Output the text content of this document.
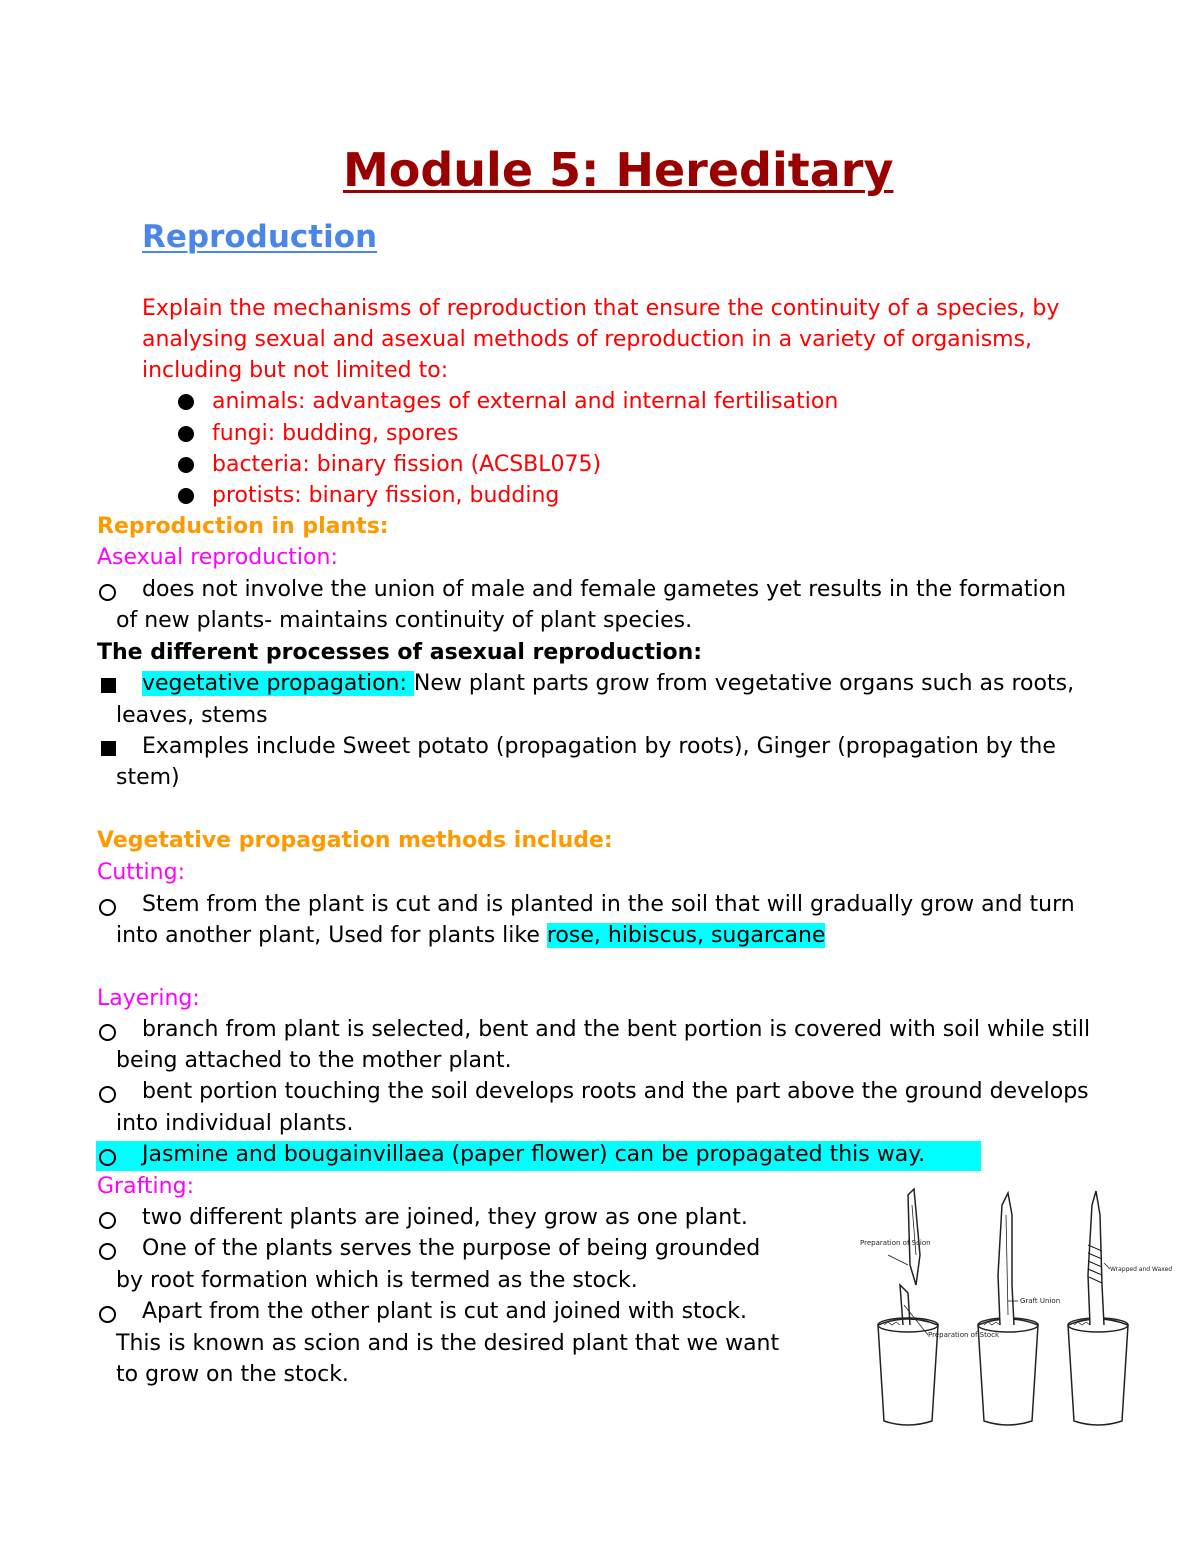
Module 5: Hereditary
Reproduction
Explain the mechanisms of reproduction that ensure the continuity of a species, by
analysing sexual and asexual methods of reproduction in a variety of organisms,
including but not limited to:
animals: advantages of external and internal fertilisation
fungi: budding, spores
bacteria: binary fission (ACSBL075)
protists: binary fission, budding
Reproduction in plants:
Asexual reproduction:
does not involve the union of male and female gametes yet results in the formation
of new plants- maintains continuity of plant species.
The different processes of asexual reproduction:
vegetative propagation: New plant parts grow from vegetative organs such as roots,
leaves, stems
Examples include Sweet potato (propagation by roots), Ginger (propagation by the
stem)
Vegetative propagation methods include:
Cutting:
Stem from the plant is cut and is planted in the soil that will gradually grow and turn
into another plant, Used for plants like rose, hibiscus, sugarcane
Layering:
branch from plant is selected, bent and the bent portion is covered with soil while still
being attached to the mother plant.
bent portion touching the soil develops roots and the part above the ground develops
into individual plants.
Jasmine and bougainvillaea (paper flower) can be propagated this way.
Grafting:
two different plants are joined, they grow as one plant.
One of the plants serves the purpose of being grounded
by root formation which is termed as the stock.
Apart from the other plant is cut and joined with stock.
This is known as scion and is the desired plant that we want
to grow on the stock.
Preparation of Scion
Preparation of Stock
Graft Union
Wrapped and Waxed
